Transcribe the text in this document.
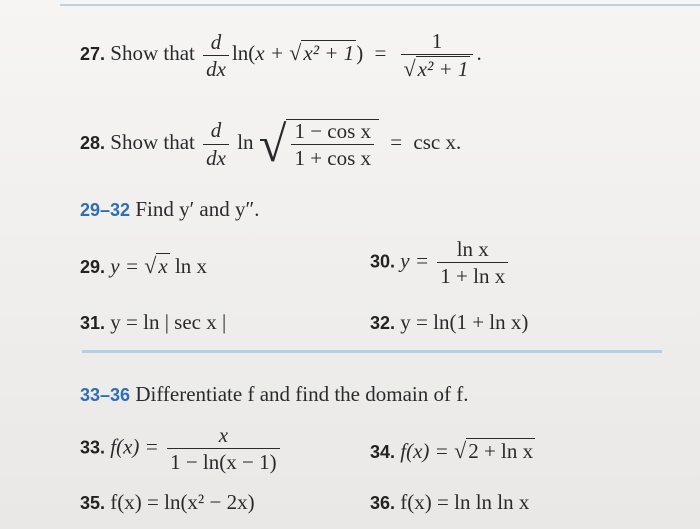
27. Show that $\frac{d}{dx} \ln(x + √x^2 + 1) = \frac{1}{\text{√x² + 1}}$ .
28. Show that $\frac{d}{dx}$ ln √ $\frac{\text{1 − cos x}}{\text{1 + cos x}} = \csc x$.
29–32 Find y′ and y″.
29. y = √x ln x	30. $y = \frac{\text{ln x}}{\text{1 + ln x}}$
31. y = ln | sec x |	32. y = ln(1 + ln x)
33–36 Differentiate f and find the domain of f.
33. $f(x) = \frac{x}{1 - \ln(x - 1)}$	34. f(x) = √2 + ln x
35. f(x) = ln(x² − 2x)	36. f(x) = ln ln ln x
